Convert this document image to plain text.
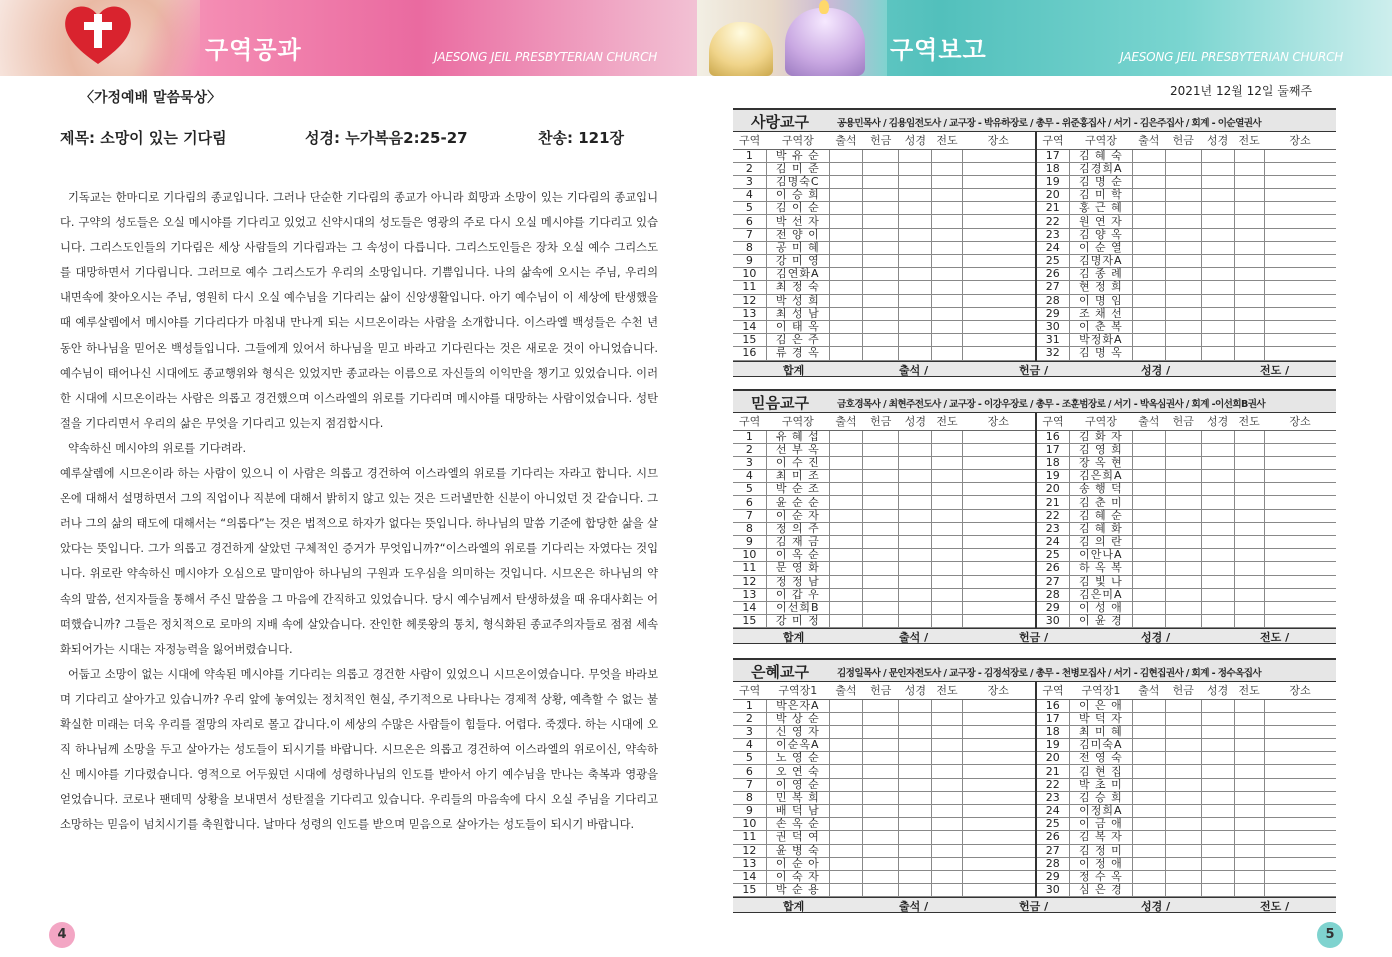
구역공과	JAESONG JEIL PRESBYTERIAN CHURCH	구역보고	JAESONG JEIL PRESBYTERIAN CHURCH
〈가정예배 말씀묵상〉
제목: 소망이 있는 기다림	성경: 누가복음2:25-27	찬송: 121장

기독교는 한마디로 기다림의 종교입니다. 그러나 단순한 기다림의 종교가 아니라 희망과 소망이 있는 기다림의 종교입니다. 구약의 성도들은 오실 메시야를 기다리고 있었고 신약시대의 성도들은 영광의 주로 다시 오실 메시야를 기다리고 있습니다. 그리스도인들의 기다림은 세상 사람들의 기다림과는 그 속성이 다릅니다. 그리스도인들은 장차 오실 예수 그리스도를 대망하면서 기다립니다. 그러므로 예수 그리스도가 우리의 소망입니다. 기쁨입니다. 나의 삶속에 오시는 주님, 우리의 내면속에 찾아오시는 주님, 영원히 다시 오실 예수님을 기다리는 삶이 신앙생활입니다. 아기 예수님이 이 세상에 탄생했을 때 예루살렘에서 메시야를 기다리다가 마침내 만나게 되는 시므온이라는 사람을 소개합니다. 이스라엘 백성들은 수천 년 동안 하나님을 믿어온 백성들입니다. 그들에게 있어서 하나님을 믿고 바라고 기다린다는 것은 새로운 것이 아니었습니다. 예수님이 태어나신 시대에도 종교행위와 형식은 있었지만 종교라는 이름으로 자신들의 이익만을 챙기고 있었습니다. 이러한 시대에 시므온이라는 사람은 의롭고 경건했으며 이스라엘의 위로를 기다리며 메시야를 대망하는 사람이었습니다. 성탄절을 기다리면서 우리의 삶은 무엇을 기다리고 있는지 점검합시다.

약속하신 메시야의 위로를 기다려라.

예루살렘에 시므온이라 하는 사람이 있으니 이 사람은 의롭고 경건하여 이스라엘의 위로를 기다리는 자라고 합니다. 시므온에 대해서 설명하면서 그의 직업이나 직분에 대해서 밝히지 않고 있는 것은 드러낼만한 신분이 아니었던 것 같습니다. 그러나 그의 삶의 태도에 대해서는 “의롭다”는 것은 법적으로 하자가 없다는 뜻입니다. 하나님의 말씀 기준에 합당한 삶을 살았다는 뜻입니다. 그가 의롭고 경건하게 살았던 구체적인 증거가 무엇입니까?“이스라엘의 위로를 기다리는 자였다는 것입니다. 위로란 약속하신 메시야가 오심으로 말미암아 하나님의 구원과 도우심을 의미하는 것입니다. 시므온은 하나님의 약속의 말씀, 선지자들을 통해서 주신 말씀을 그 마음에 간직하고 있었습니다. 당시 예수님께서 탄생하셨을 때 유대사회는 어떠했습니까? 그들은 정치적으로 로마의 지배 속에 살았습니다. 잔인한 헤롯왕의 통치, 형식화된 종교주의자들로 점점 세속화되어가는 시대는 자정능력을 잃어버렸습니다.

어둡고 소망이 없는 시대에 약속된 메시야를 기다리는 의롭고 경건한 사람이 있었으니 시므온이였습니다. 무엇을 바라보며 기다리고 살아가고 있습니까? 우리 앞에 놓여있는 정치적인 현실, 주기적으로 나타나는 경제적 상황, 예측할 수 없는 불확실한 미래는 더욱 우리를 절망의 자리로 몰고 갑니다.이 세상의 수많은 사람들이 힘들다. 어렵다. 죽겠다. 하는 시대에 오직 하나님께 소망을 두고 살아가는 성도들이 되시기를 바랍니다. 시므온은 의롭고 경건하여 이스라엘의 위로이신, 약속하신 메시야를 기다렸습니다. 영적으로 어두웠던 시대에 성령하나님의 인도를 받아서 아기 예수님을 만나는 축복과 영광을 얻었습니다. 코로나 팬데믹 상황을 보내면서 성탄절을 기다리고 있습니다. 우리들의 마음속에 다시 오실 주님을 기다리고 소망하는 믿음이 넘치시기를 축원합니다. 날마다 성령의 인도를 받으며 믿음으로 살아가는 성도들이 되시기 바랍니다.

4	5
2021년 12월 12일 둘째주
사랑교구	공용민목사 / 김용임전도사 / 교구장 - 박유하장로 / 총무 - 위준홍집사 / 서기 - 김은주집사 / 회계 - 이순열권사
구역	구역장	출석	헌금	성경	전도	장소
1	박 유 순					
2	김 미 준					
3	김명숙C					
4	이 승 희					
5	김 이 순					
6	박 선 자					
7	전 양 이					
8	공 미 혜					
9	강 미 영					
10	김연화A					
11	최 정 숙					
12	박 성 희					
13	최 성 남					
14	이 태 옥					
15	김 은 주					
16	류 경 옥					
구역	구역장	출석	헌금	성경	전도	장소
17	김 혜 숙					
18	김경희A					
19	김 명 순					
20	김 미 학					
21	홍 근 혜					
22	원 연 자					
23	김 양 옥					
24	이 순 열					
25	김명자A					
26	김 종 례					
27	현 정 희					
28	이 명 임					
29	조 채 선					
30	이 춘 복					
31	박정화A					
32	김 명 옥					
합계	출석 /	헌금 /	성경 /	전도 /
믿음교구	금호경목사 / 최현주전도사 / 교구장 - 이강우장로 / 총무 - 조훈범장로 / 서기 - 박옥심권사 / 회계 -이선희B권사
구역	구역장	출석	헌금	성경	전도	장소
1	유 혜 섭					
2	선 부 옥					
3	이 수 진					
4	최 미 조					
5	박 순 조					
6	윤 순 순					
7	이 순 자					
8	정 의 주					
9	김 재 금					
10	이 옥 순					
11	문 영 화					
12	정 정 남					
13	이 갑 우					
14	이선희B					
15	강 미 정					
구역	구역장	출석	헌금	성경	전도	장소
16	김 화 자					
17	김 영 희					
18	장 옥 현					
19	김은희A					
20	송 행 덕					
21	김 춘 미					
22	김 혜 순					
23	김 혜 화					
24	김 의 란					
25	이안나A					
26	하 옥 복					
27	김 빛 나					
28	김은미A					
29	이 성 애					
30	이 윤 경					
합계	출석 /	헌금 /	성경 /	전도 /
은혜교구	김정일목사 / 문인자전도사 / 교구장 - 김정석장로 / 총무 - 천병모집사 / 서기 - 김현집권사 / 회계 - 정수옥집사
구역	구역장1	출석	헌금	성경	전도	장소
1	박은자A					
2	박 상 순					
3	신 영 자					
4	이순옥A					
5	노 영 순					
6	오 연 숙					
7	이 영 순					
8	민 복 희					
9	배 덕 남					
10	손 옥 순					
11	권 덕 여					
12	윤 병 숙					
13	이 순 아					
14	이 숙 자					
15	박 순 용					
구역	구역장1	출석	헌금	성경	전도	장소
16	이 은 애					
17	박 덕 자					
18	최 미 혜					
19	김미숙A					
20	전 영 숙					
21	김 현 집					
22	박 초 미					
23	김 승 희					
24	이정희A					
25	이 금 애					
26	김 복 자					
27	김 정 미					
28	이 정 애					
29	정 수 옥					
30	심 은 경					
합계	출석 /	헌금 /	성경 /	전도 /
